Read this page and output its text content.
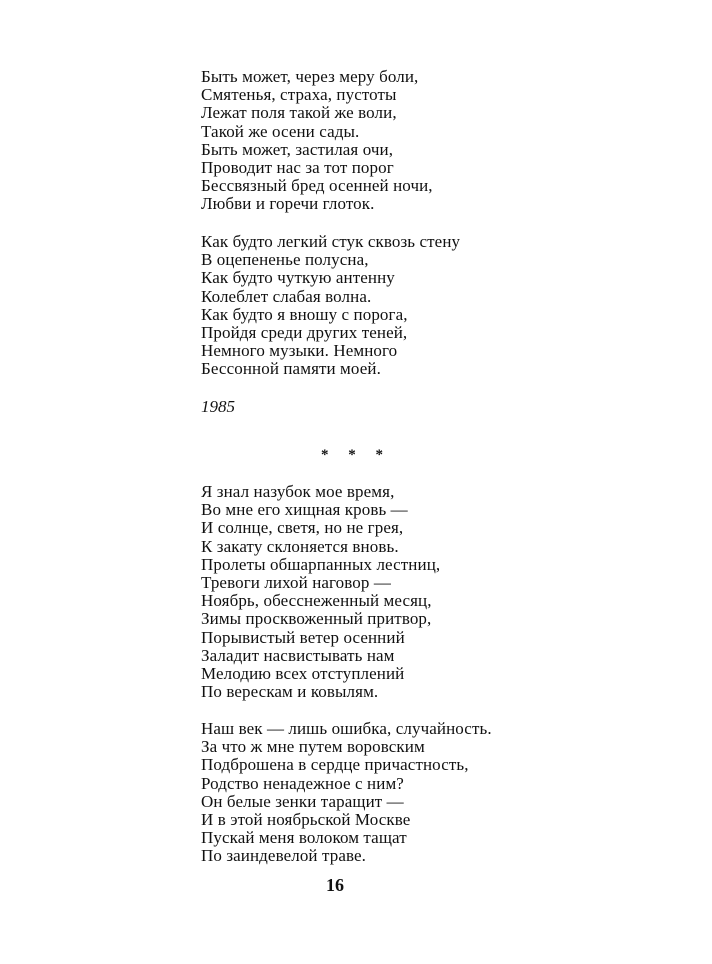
Быть может, через меру боли,
Смятенья, страха, пустоты
Лежат поля такой же воли,
Такой же осени сады.
Быть может, застилая очи,
Проводит нас за тот порог
Бессвязный бред осенней ночи,
Любви и горечи глоток.
Как будто легкий стук сквозь стену
В оцепененье полусна,
Как будто чуткую антенну
Колеблет слабая волна.
Как будто я вношу с порога,
Пройдя среди других теней,
Немного музыки. Немного
Бессонной памяти моей.
1985
* * *
Я знал назубок мое время,
Во мне его хищная кровь —
И солнце, светя, но не грея,
К закату склоняется вновь.
Пролеты обшарпанных лестниц,
Тревоги лихой наговор —
Ноябрь, обесснеженный месяц,
Зимы просквоженный притвор,
Порывистый ветер осенний
Заладит насвистывать нам
Мелодию всех отступлений
По верескам и ковылям.
Наш век — лишь ошибка, случайность.
За что ж мне путем воровским
Подброшена в сердце причастность,
Родство ненадежное с ним?
Он белые зенки таращит —
И в этой ноябрьской Москве
Пускай меня волоком тащат
По заиндевелой траве.
16
